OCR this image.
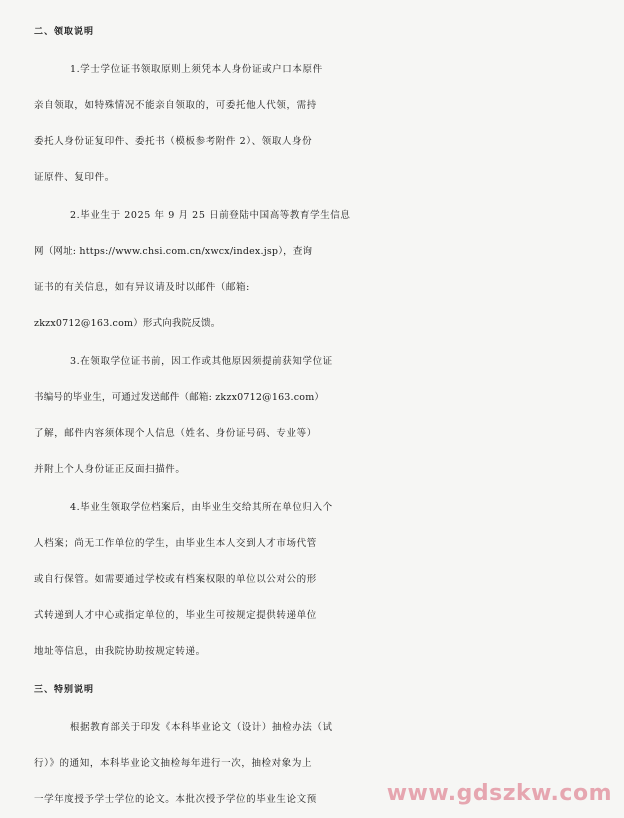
二、领取说明
1.学士学位证书领取原则上须凭本人身份证或户口本原件
亲自领取，如特殊情况不能亲自领取的，可委托他人代领，需持
委托人身份证复印件、委托书（模板参考附件 2）、领取人身份
证原件、复印件。
2.毕业生于 2025 年 9 月 25 日前登陆中国高等教育学生信息
网（网址: https://www.chsi.com.cn/xwcx/index.jsp），查询
证书的有关信息，如有异议请及时以邮件（邮箱:
zkzx0712@163.com）形式向我院反馈。
3.在领取学位证书前，因工作或其他原因须提前获知学位证
书编号的毕业生，可通过发送邮件（邮箱: zkzx0712@163.com）
了解，邮件内容须体现个人信息（姓名、身份证号码、专业等）
并附上个人身份证正反面扫描件。
4.毕业生领取学位档案后，由毕业生交给其所在单位归入个
人档案；尚无工作单位的学生，由毕业生本人交到人才市场代管
或自行保管。如需要通过学校或有档案权限的单位以公对公的形
式转递到人才中心或指定单位的，毕业生可按规定提供转递单位
地址等信息，由我院协助按规定转递。
三、特别说明
根据教育部关于印发《本科毕业论文（设计）抽检办法（试
行）》的通知，本科毕业论文抽检每年进行一次，抽检对象为上
一学年度授予学士学位的论文。本批次授予学位的毕业生论文预	www.gdszkw.com
